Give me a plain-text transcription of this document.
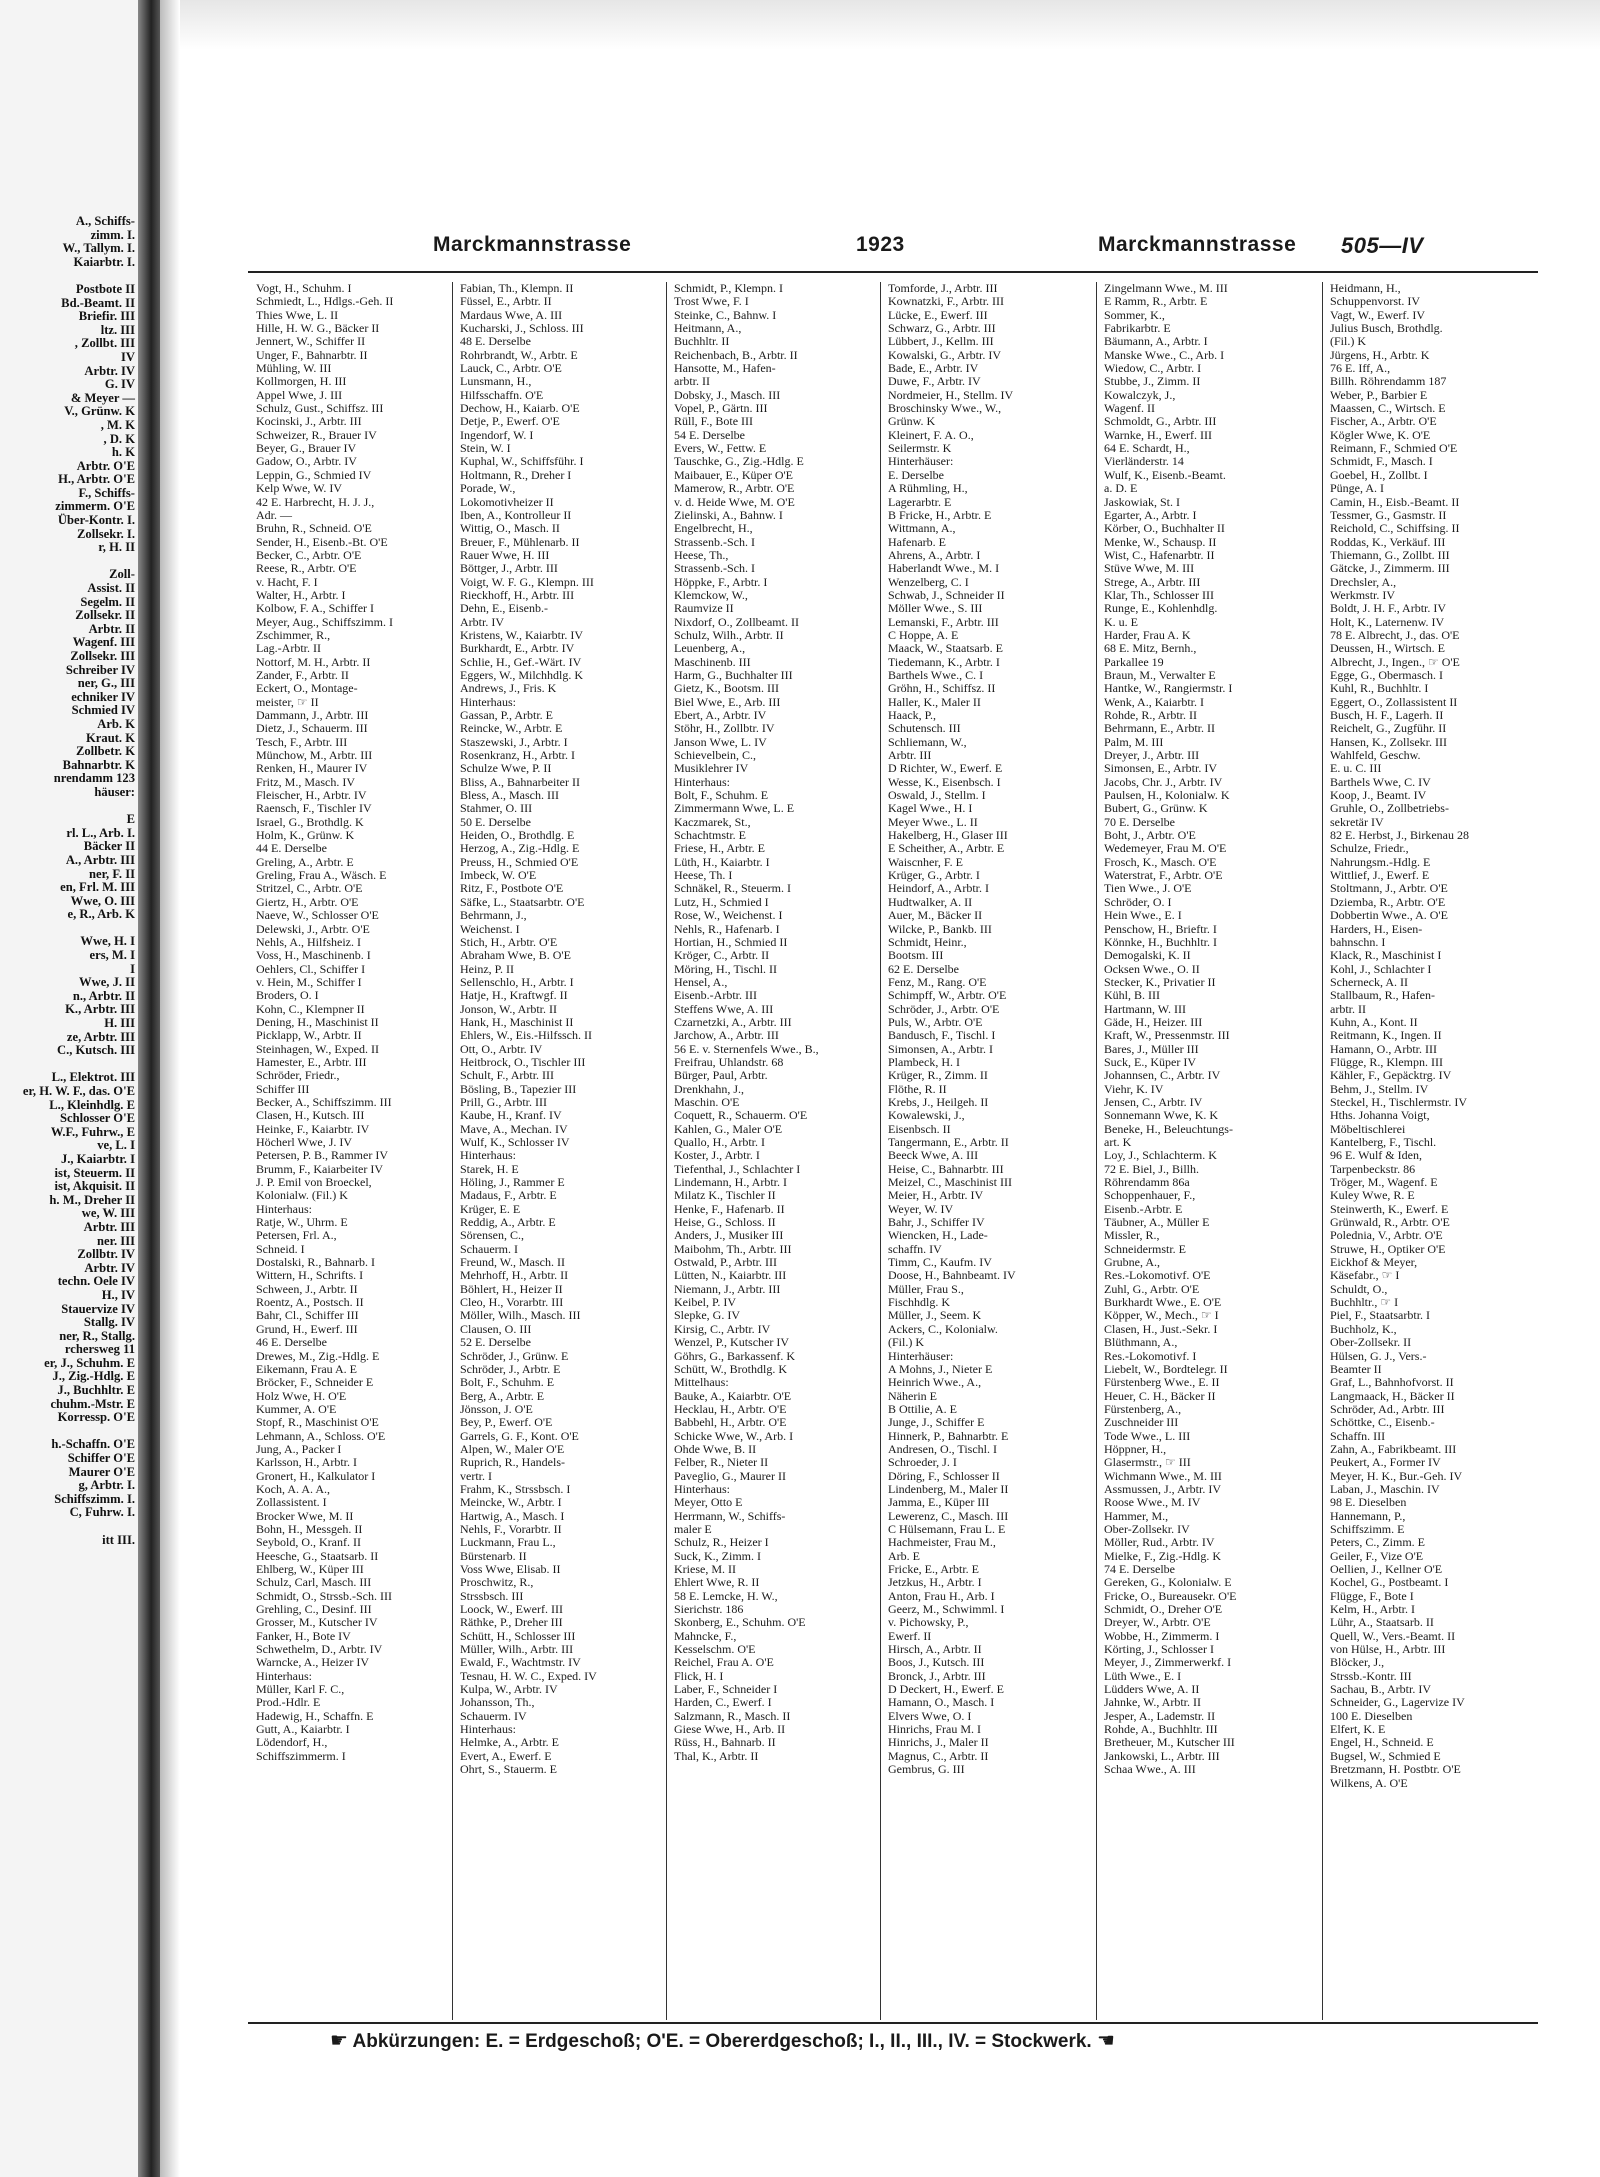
A., Schiffs-
zimm. I.
W., Tallym. I.
Kaiarbtr. I.

Postbote II
Bd.-Beamt. II
Briefir. III
ltz. III
, Zollbt. III
IV
Arbtr. IV
G. IV
& Meyer —
V., Grünw. K
, M. K
, D. K
h. K
Arbtr. O'E
H., Arbtr. O'E
F., Schiffs-
zimmerm. O'E
Über-Kontr. I.
Zollsekr. I.
r, H. II

Zoll-
Assist. II
Segelm. II
Zollsekr. II
Arbtr. II
Wagenf. III
Zollsekr. III
Schreiber IV
ner, G., III
echniker IV
Schmied IV
Arb. K
Kraut. K
Zollbetr. K
Bahnarbtr. K
nrendamm 123
häuser:

E
rl. L., Arb. I.
Bäcker II
A., Arbtr. III
ner, F. II
en, Frl. M. III
Wwe, O. III
e, R., Arb. K

Wwe, H. I
ers, M. I
I
Wwe, J. II
n., Arbtr. II
K., Arbtr. III
H. III
ze, Arbtr. III
C., Kutsch. III

L., Elektrot. III
er, H. W. F., das. O'E
L., Kleinhdlg. E
Schlosser O'E
W.F., Fuhrw., E
ve, L. I
J., Kaiarbtr. I
ist, Steuerm. II
ist, Akquisit. II
h. M., Dreher II
we, W. III
Arbtr. III
ner. III
Zollbtr. IV
Arbtr. IV
techn. Oele IV
H., IV
Stauervize IV
Stallg. IV
ner, R., Stallg.
rchersweg 11
er, J., Schuhm. E
J., Zig.-Hdlg. E
J., Buchhltr. E
chuhm.-Mstr. E
Korressp. O'E

h.-Schaffn. O'E
Schiffer O'E
Maurer O'E
g, Arbtr. I.
Schiffszimm. I.
C, Fuhrw. I.

itt III.
Marckmannstrasse	1923	Marckmannstrasse 505—IV
Vogt, H., Schuhm. I
Schmiedt, L., Hdlgs.-Geh. II
Thies Wwe, L. II
Hille, H. W. G., Bäcker II
Jennert, W., Schiffer II
Unger, F., Bahnarbtr. II
Mühling, W. III
Kollmorgen, H. III
Appel Wwe, J. III
Schulz, Gust., Schiffsz. III
Kocinski, J., Arbtr. III
Schweizer, R., Brauer IV
Beyer, G., Brauer IV
Gadow, O., Arbtr. IV
Leppin, G., Schmied IV
Kelp Wwe, W. IV
42 E. Harbrecht, H. J. J.,
Adr. —
Bruhn, R., Schneid. O'E
Sender, H., Eisenb.-Bt. O'E
Becker, C., Arbtr. O'E
Reese, R., Arbtr. O'E
v. Hacht, F. I
Walter, H., Arbtr. I
Kolbow, F. A., Schiffer I
Meyer, Aug., Schiffszimm. I
Zschimmer, R.,
Lag.-Arbtr. II
Nottorf, M. H., Arbtr. II
Zander, F., Arbtr. II
Eckert, O., Montage-
meister, ☞ II
Dammann, J., Arbtr. III
Dietz, J., Schauerm. III
Tesch, F., Arbtr. III
Münchow, M., Arbtr. III
Renken, H., Maurer IV
Fritz, M., Masch. IV
Fleischer, H., Arbtr. IV
Raensch, F., Tischler IV
Israel, G., Brothdlg. K
Holm, K., Grünw. K
44 E. Derselbe
Greling, A., Arbtr. E
Greling, Frau A., Wäsch. E
Stritzel, C., Arbtr. O'E
Giertz, H., Arbtr. O'E
Naeve, W., Schlosser O'E
Delewski, J., Arbtr. O'E
Nehls, A., Hilfsheiz. I
Voss, H., Maschinenb. I
Oehlers, Cl., Schiffer I
v. Hein, M., Schiffer I
Broders, O. I
Kohn, C., Klempner II
Dening, H., Maschinist II
Picklapp, W., Arbtr. II
Steinhagen, W., Exped. II
Hamester, E., Arbtr. III
Schröder, Friedr.,
Schiffer III
Becker, A., Schiffszimm. III
Clasen, H., Kutsch. III
Heinke, F., Kaiarbtr. IV
Höcherl Wwe, J. IV
Petersen, P. B., Rammer IV
Brumm, F., Kaiarbeiter IV
J. P. Emil von Broeckel,
Kolonialw. (Fil.) K
Hinterhaus:
Ratje, W., Uhrm. E
Petersen, Frl. A.,
Schneid. I
Dostalski, R., Bahnarb. I
Wittern, H., Schrifts. I
Schween, J., Arbtr. II
Roentz, A., Postsch. II
Bahr, Cl., Schiffer III
Grund, H., Ewerf. III
46 E. Derselbe
Drewes, M., Zig.-Hdlg. E
Eikemann, Frau A. E
Bröcker, F., Schneider E
Holz Wwe, H. O'E
Kummer, A. O'E
Stopf, R., Maschinist O'E
Lehmann, A., Schloss. O'E
Jung, A., Packer I
Karlsson, H., Arbtr. I
Gronert, H., Kalkulator I
Koch, A. A. A.,
Zollassistent. I
Brocker Wwe, M. II
Bohn, H., Messgeh. II
Seybold, O., Kranf. II
Heesche, G., Staatsarb. II
Ehlberg, W., Küper III
Schulz, Carl, Masch. III
Schmidt, O., Strssb.-Sch. III
Grehling, C., Desinf. III
Grosser, M., Kutscher IV
Fanker, H., Bote IV
Schwethelm, D., Arbtr. IV
Warncke, A., Heizer IV
Hinterhaus:
Müller, Karl F. C.,
Prod.-Hdlr. E
Hadewig, H., Schaffn. E
Gutt, A., Kaiarbtr. I
Lödendorf, H.,
Schiffszimmerm. I
Fabian, Th., Klempn. II
Füssel, E., Arbtr. II
Mardaus Wwe, A. III
Kucharski, J., Schloss. III
48 E. Derselbe
Rohrbrandt, W., Arbtr. E
Lauck, C., Arbtr. O'E
Lunsmann, H.,
Hilfsschaffn. O'E
Dechow, H., Kaiarb. O'E
Detje, P., Ewerf. O'E
Ingendorf, W. I
Stein, W. I
Kuphal, W., Schiffsführ. I
Holtmann, R., Dreher I
Porade, W.,
Lokomotivheizer II
Iben, A., Kontrolleur II
Wittig, O., Masch. II
Breuer, F., Mühlenarb. II
Rauer Wwe, H. III
Böttger, J., Arbtr. III
Voigt, W. F. G., Klempn. III
Rieckhoff, H., Arbtr. III
Dehn, E., Eisenb.-
Arbtr. IV
Kristens, W., Kaiarbtr. IV
Burkhardt, E., Arbtr. IV
Schlie, H., Gef.-Wärt. IV
Eggers, W., Milchhdlg. K
Andrews, J., Fris. K
Hinterhaus:
Gassan, P., Arbtr. E
Reincke, W., Arbtr. E
Staszewski, J., Arbtr. I
Rosenkranz, H., Arbtr. I
Schulze Wwe, P. II
Bliss, A., Bahnarbeiter II
Bless, A., Masch. III
Stahmer, O. III
50 E. Derselbe
Heiden, O., Brothdlg. E
Herzog, A., Zig.-Hdlg. E
Preuss, H., Schmied O'E
Imbeck, W. O'E
Ritz, F., Postbote O'E
Säfke, L., Staatsarbtr. O'E
Behrmann, J.,
Weichenst. I
Stich, H., Arbtr. O'E
Abraham Wwe, B. O'E
Heinz, P. II
Sellenschlo, H., Arbtr. I
Hatje, H., Kraftwgf. II
Jonson, W., Arbtr. II
Hank, H., Maschinist II
Ehlers, W., Eis.-Hilfssch. II
Ott, O., Arbtr. IV
Heitbrock, O., Tischler III
Schult, F., Arbtr. III
Bösling, B., Tapezier III
Prill, G., Arbtr. III
Kaube, H., Kranf. IV
Mave, A., Mechan. IV
Wulf, K., Schlosser IV
Hinterhaus:
Starek, H. E
Höling, J., Rammer E
Madaus, F., Arbtr. E
Krüger, E. E
Reddig, A., Arbtr. E
Sörensen, C.,
Schauerm. I
Freund, W., Masch. II
Mehrhoff, H., Arbtr. II
Böhlert, H., Heizer II
Cleo, H., Vorarbtr. III
Möller, Wilh., Masch. III
Clausen, O. III
52 E. Derselbe
Schröder, J., Grünw. E
Schröder, J., Arbtr. E
Bolt, F., Schuhm. E
Berg, A., Arbtr. E
Jönsson, J. O'E
Bey, P., Ewerf. O'E
Garrels, G. F., Kont. O'E
Alpen, W., Maler O'E
Ruprich, R., Handels-
vertr. I
Frahm, K., Strssbsch. I
Meincke, W., Arbtr. I
Hartwig, A., Masch. I
Nehls, F., Vorarbtr. II
Luckmann, Frau L.,
Bürstenarb. II
Voss Wwe, Elisab. II
Proschwitz, R.,
Strssbsch. III
Loock, W., Ewerf. III
Räthke, P., Dreher III
Schütt, H., Schlosser III
Müller, Wilh., Arbtr. III
Ewald, F., Wachtmstr. IV
Tesnau, H. W. C., Exped. IV
Kulpa, W., Arbtr. IV
Johansson, Th.,
Schauerm. IV
Hinterhaus:
Helmke, A., Arbtr. E
Evert, A., Ewerf. E
Ohrt, S., Stauerm. E
Schmidt, P., Klempn. I
Trost Wwe, F. I
Steinke, C., Bahnw. I
Heitmann, A.,
Buchhltr. II
Reichenbach, B., Arbtr. II
Hansotte, M., Hafen-
arbtr. II
Dobsky, J., Masch. III
Vopel, P., Gärtn. III
Rüll, F., Bote III
54 E. Derselbe
Evers, W., Fettw. E
Tauschke, G., Zig.-Hdlg. E
Maibauer, E., Küper O'E
Mamerow, R., Arbtr. O'E
v. d. Heide Wwe, M. O'E
Zielinski, A., Bahnw. I
Engelbrecht, H.,
Strassenb.-Sch. I
Heese, Th.,
Strassenb.-Sch. I
Höppke, F., Arbtr. I
Klemckow, W.,
Raumvize II
Nixdorf, O., Zollbeamt. II
Schulz, Wilh., Arbtr. II
Leuenberg, A.,
Maschinenb. III
Harm, G., Buchhalter III
Gietz, K., Bootsm. III
Biel Wwe, E., Arb. III
Ebert, A., Arbtr. IV
Stöhr, H., Zollbtr. IV
Janson Wwe, L. IV
Schievelbein, C.,
Musiklehrer IV
Hinterhaus:
Bolt, F., Schuhm. E
Zimmermann Wwe, L. E
Kaczmarek, St.,
Schachtmstr. E
Friese, H., Arbtr. E
Lüth, H., Kaiarbtr. I
Heese, Th. I
Schnäkel, R., Steuerm. I
Lutz, H., Schmied I
Rose, W., Weichenst. I
Nehls, R., Hafenarb. I
Hortian, H., Schmied II
Kröger, C., Arbtr. II
Möring, H., Tischl. II
Hensel, A.,
Eisenb.-Arbtr. III
Steffens Wwe, A. III
Czarnetzki, A., Arbtr. III
Jarchow, A., Arbtr. III
56 E. v. Sternenfels Wwe., B.,
Freifrau, Uhlandstr. 68
Bürger, Paul, Arbtr.
Drenkhahn, J.,
Maschin. O'E
Coquett, R., Schauerm. O'E
Kahlen, G., Maler O'E
Quallo, H., Arbtr. I
Koster, J., Arbtr. I
Tiefenthal, J., Schlachter I
Lindemann, H., Arbtr. I
Milatz K., Tischler II
Henke, F., Hafenarb. II
Heise, G., Schloss. II
Anders, J., Musiker III
Maibohm, Th., Arbtr. III
Ostwald, P., Arbtr. III
Lütten, N., Kaiarbtr. III
Niemann, J., Arbtr. III
Keibel, P. IV
Slepke, G. IV
Kirsig, C., Arbtr. IV
Wenzel, P., Kutscher IV
Göhrs, G., Barkassenf. K
Schütt, W., Brothdlg. K
Mittelhaus:
Bauke, A., Kaiarbtr. O'E
Hecklau, H., Arbtr. O'E
Babbehl, H., Arbtr. O'E
Schicke Wwe, W., Arb. I
Ohde Wwe, B. II
Felber, R., Nieter II
Paveglio, G., Maurer II
Hinterhaus:
Meyer, Otto E
Herrmann, W., Schiffs-
maler E
Schulz, R., Heizer I
Suck, K., Zimm. I
Kriese, M. II
Ehlert Wwe, R. II
58 E. Lemcke, H. W.,
Sierichstr. 186
Skonberg, E., Schuhm. O'E
Mahncke, F.,
Kesselschm. O'E
Reichel, Frau A. O'E
Flick, H. I
Laber, F., Schneider I
Harden, C., Ewerf. I
Salzmann, R., Masch. II
Giese Wwe, H., Arb. II
Rüss, H., Bahnarb. II
Thal, K., Arbtr. II
Tomforde, J., Arbtr. III
Kownatzki, F., Arbtr. III
Lücke, E., Ewerf. III
Schwarz, G., Arbtr. III
Lübbert, J., Kellm. III
Kowalski, G., Arbtr. IV
Bade, E., Arbtr. IV
Duwe, F., Arbtr. IV
Nordmeier, H., Stellm. IV
Broschinsky Wwe., W.,
Grünw. K
Kleinert, F. A. O.,
Seilermstr. K
Hinterhäuser:
E. Derselbe
A Rühmling, H.,
Lagerarbtr. E
B Fricke, H., Arbtr. E
Wittmann, A.,
Hafenarb. E
Ahrens, A., Arbtr. I
Haberlandt Wwe., M. I
Wenzelberg, C. I
Schwab, J., Schneider II
Möller Wwe., S. III
Lemanski, F., Arbtr. III
C Hoppe, A. E
Maack, W., Staatsarb. E
Tiedemann, K., Arbtr. I
Barthels Wwe., C. I
Gröhn, H., Schiffsz. II
Haller, K., Maler II
Haack, P.,
Schutensch. III
Schliemann, W.,
Arbtr. III
D Richter, W., Ewerf. E
Wesse, K., Eisenbsch. I
Oswald, J., Stellm. I
Kagel Wwe., H. I
Meyer Wwe., L. II
Hakelberg, H., Glaser III
E Scheither, A., Arbtr. E
Waiscnher, F. E
Krüger, G., Arbtr. I
Heindorf, A., Arbtr. I
Hudtwalker, A. II
Auer, M., Bäcker II
Wilcke, P., Bankb. III
Schmidt, Heinr.,
Bootsm. III
62 E. Derselbe
Fenz, M., Rang. O'E
Schimpff, W., Arbtr. O'E
Schröder, J., Arbtr. O'E
Puls, W., Arbtr. O'E
Bandusch, F., Tischl. I
Simonsen, A., Arbtr. I
Plambeck, H. I
Krüger, R., Zimm. II
Flöthe, R. II
Krebs, J., Heilgeh. II
Kowalewski, J.,
Eisenbsch. II
Tangermann, E., Arbtr. II
Beeck Wwe, A. III
Heise, C., Bahnarbtr. III
Meizel, C., Maschinist III
Meier, H., Arbtr. IV
Weyer, W. IV
Bahr, J., Schiffer IV
Wiencken, H., Lade-
schaffn. IV
Timm, C., Kaufm. IV
Doose, H., Bahnbeamt. IV
Müller, Frau S.,
Fischhdlg. K
Müller, J., Seem. K
Ackers, C., Kolonialw.
(Fil.) K
Hinterhäuser:
A Mohns, J., Nieter E
Heinrich Wwe., A.,
Näherin E
B Ottilie, A. E
Junge, J., Schiffer E
Hinnerk, P., Bahnarbtr. E
Andresen, O., Tischl. I
Schroeder, J. I
Döring, F., Schlosser II
Lindenberg, M., Maler II
Jamma, E., Küper III
Lewerenz, C., Masch. III
C Hülsemann, Frau L. E
Hachmeister, Frau M.,
Arb. E
Fricke, E., Arbtr. E
Jetzkus, H., Arbtr. I
Anton, Frau H., Arb. I
Geerz, M., Schwimml. I
v. Pichowsky, P.,
Ewerf. II
Hirsch, A., Arbtr. II
Boos, J., Kutsch. III
Bronck, J., Arbtr. III
D Deckert, H., Ewerf. E
Hamann, O., Masch. I
Elvers Wwe, O. I
Hinrichs, Frau M. I
Hinrichs, J., Maler II
Magnus, C., Arbtr. II
Gembrus, G. III
Zingelmann Wwe., M. III
E Ramm, R., Arbtr. E
Sommer, K.,
Fabrikarbtr. E
Bäumann, A., Arbtr. I
Manske Wwe., C., Arb. I
Wiedow, C., Arbtr. I
Stubbe, J., Zimm. II
Kowalczyk, J.,
Wagenf. II
Schmoldt, G., Arbtr. III
Warnke, H., Ewerf. III
64 E. Schardt, H.,
Vierländerstr. 14
Wulf, K., Eisenb.-Beamt.
a. D. E
Jaskowiak, St. I
Egarter, A., Arbtr. I
Körber, O., Buchhalter II
Menke, W., Schausp. II
Wist, C., Hafenarbtr. II
Stüve Wwe, M. III
Strege, A., Arbtr. III
Klar, Th., Schlosser III
Runge, E., Kohlenhdlg.
K. u. E
Harder, Frau A. K
68 E. Mitz, Bernh.,
Parkallee 19
Braun, M., Verwalter E
Hantke, W., Rangiermstr. I
Wenk, A., Kaiarbtr. I
Rohde, R., Arbtr. II
Behrmann, E., Arbtr. II
Palm, M. III
Dreyer, J., Arbtr. III
Simonsen, E., Arbtr. IV
Jacobs, Chr. J., Arbtr. IV
Paulsen, H., Kolonialw. K
Bubert, G., Grünw. K
70 E. Derselbe
Boht, J., Arbtr. O'E
Wedemeyer, Frau M. O'E
Frosch, K., Masch. O'E
Waterstrat, F., Arbtr. O'E
Tien Wwe., J. O'E
Schröder, O. I
Hein Wwe., E. I
Penschow, H., Brieftr. I
Könnke, H., Buchhltr. I
Demogalski, K. II
Ocksen Wwe., O. II
Stecker, K., Privatier II
Kühl, B. III
Hartmann, W. III
Gäde, H., Heizer. III
Kraft, W., Pressenmstr. III
Bares, J., Müller III
Suck, E., Küper IV
Johannsen, C., Arbtr. IV
Viehr, K. IV
Jensen, C., Arbtr. IV
Sonnemann Wwe, K. K
Beneke, H., Beleuchtungs-
art. K
Loy, J., Schlachterm. K
72 E. Biel, J., Billh.
Röhrendamm 86a
Schoppenhauer, F.,
Eisenb.-Arbtr. E
Täubner, A., Müller E
Missler, R.,
Schneidermstr. E
Grubne, A.,
Res.-Lokomotivf. O'E
Zuhl, G., Arbtr. O'E
Burkhardt Wwe., E. O'E
Köpper, W., Mech., ☞ I
Clasen, H., Just.-Sekr. I
Blüthmann, A.,
Res.-Lokomotivf. I
Liebelt, W., Bordtelegr. II
Fürstenberg Wwe., E. II
Heuer, C. H., Bäcker II
Fürstenberg, A.,
Zuschneider III
Tode Wwe., L. III
Höppner, H.,
Glasermstr., ☞ III
Wichmann Wwe., M. III
Assmussen, J., Arbtr. IV
Roose Wwe., M. IV
Hammer, M.,
Ober-Zollsekr. IV
Möller, Rud., Arbtr. IV
Mielke, F., Zig.-Hdlg. K
74 E. Derselbe
Gereken, G., Kolonialw. E
Fricke, O., Bureausekr. O'E
Schmidt, O., Dreher O'E
Dreyer, W., Arbtr. O'E
Wobbe, H., Zimmerm. I
Körting, J., Schlosser I
Meyer, J., Zimmerwerkf. I
Lüth Wwe., E. I
Lüdders Wwe, A. II
Jahnke, W., Arbtr. II
Jesper, A., Lademstr. II
Rohde, A., Buchhltr. III
Bretheuer, M., Kutscher III
Jankowski, L., Arbtr. III
Schaa Wwe., A. III
Heidmann, H.,
Schuppenvorst. IV
Vagt, W., Ewerf. IV
Julius Busch, Brothdlg.
(Fil.) K
Jürgens, H., Arbtr. K
76 E. Iff, A.,
Billh. Röhrendamm 187
Weber, P., Barbier E
Maassen, C., Wirtsch. E
Fischer, A., Arbtr. O'E
Kögler Wwe, K. O'E
Reimann, F., Schmied O'E
Schmidt, F., Masch. I
Goebel, H., Zollbt. I
Pünge, A. I
Camin, H., Eisb.-Beamt. II
Tessmer, G., Gasmstr. II
Reichold, C., Schiffsing. II
Roddas, K., Verkäuf. III
Thiemann, G., Zollbt. III
Gätcke, J., Zimmerm. III
Drechsler, A.,
Werkmstr. IV
Boldt, J. H. F., Arbtr. IV
Holt, K., Laternenw. IV
78 E. Albrecht, J., das. O'E
Deussen, H., Wirtsch. E
Albrecht, J., Ingen., ☞ O'E
Egge, G., Obermasch. I
Kuhl, R., Buchhltr. I
Eggert, O., Zollassistent II
Busch, H. F., Lagerh. II
Reichelt, G., Zugführ. II
Hansen, K., Zollsekr. III
Wahlfeld, Geschw.
E. u. C. III
Barthels Wwe, C. IV
Koop, J., Beamt. IV
Gruhle, O., Zollbetriebs-
sekretär IV
82 E. Herbst, J., Birkenau 28
Schulze, Friedr.,
Nahrungsm.-Hdlg. E
Wittlief, J., Ewerf. E
Stoltmann, J., Arbtr. O'E
Dziemba, R., Arbtr. O'E
Dobbertin Wwe., A. O'E
Harders, H., Eisen-
bahnschn. I
Klack, R., Maschinist I
Kohl, J., Schlachter I
Scherneck, A. II
Stallbaum, R., Hafen-
arbtr. II
Kuhn, A., Kont. II
Reitmann, K., Ingen. II
Hamann, O., Arbtr. III
Flügge, R., Klempn. III
Kähler, F., Gepäcktrg. IV
Behm, J., Stellm. IV
Steckel, H., Tischlermstr. IV
Hths. Johanna Voigt,
Möbeltischlerei
Kantelberg, F., Tischl.
96 E. Wulf & Iden,
Tarpenbeckstr. 86
Tröger, M., Wagenf. E
Kuley Wwe, R. E
Steinwerth, K., Ewerf. E
Grünwald, R., Arbtr. O'E
Polednia, V., Arbtr. O'E
Struwe, H., Optiker O'E
Eickhof & Meyer,
Käsefabr., ☞ I
Schuldt, O.,
Buchhltr., ☞ I
Piel, F., Staatsarbtr. I
Buchholz, K.,
Ober-Zollsekr. II
Hülsen, G. J., Vers.-
Beamter II
Graf, L., Bahnhofvorst. II
Langmaack, H., Bäcker II
Schröder, Ad., Arbtr. III
Schöttke, C., Eisenb.-
Schaffn. III
Zahn, A., Fabrikbeamt. III
Peukert, A., Former IV
Meyer, H. K., Bur.-Geh. IV
Laban, J., Maschin. IV
98 E. Dieselben
Hannemann, P.,
Schiffszimm. E
Peters, C., Zimm. E
Geiler, F., Vize O'E
Oellien, J., Kellner O'E
Kochel, G., Postbeamt. I
Flügge, F., Bote I
Kelm, H., Arbtr. I
Lühr, A., Staatsarb. II
Quell, W., Vers.-Beamt. II
von Hülse, H., Arbtr. III
Blöcker, J.,
Strssb.-Kontr. III
Sachau, B., Arbtr. IV
Schneider, G., Lagervize IV
100 E. Dieselben
Elfert, K. E
Engel, H., Schneid. E
Bugsel, W., Schmied E
Bretzmann, H. Postbtr. O'E
Wilkens, A. O'E
☛ Abkürzungen: E. = Erdgeschoß; O'E. = Obererdgeschoß; I., II., III., IV. = Stockwerk. ☚
